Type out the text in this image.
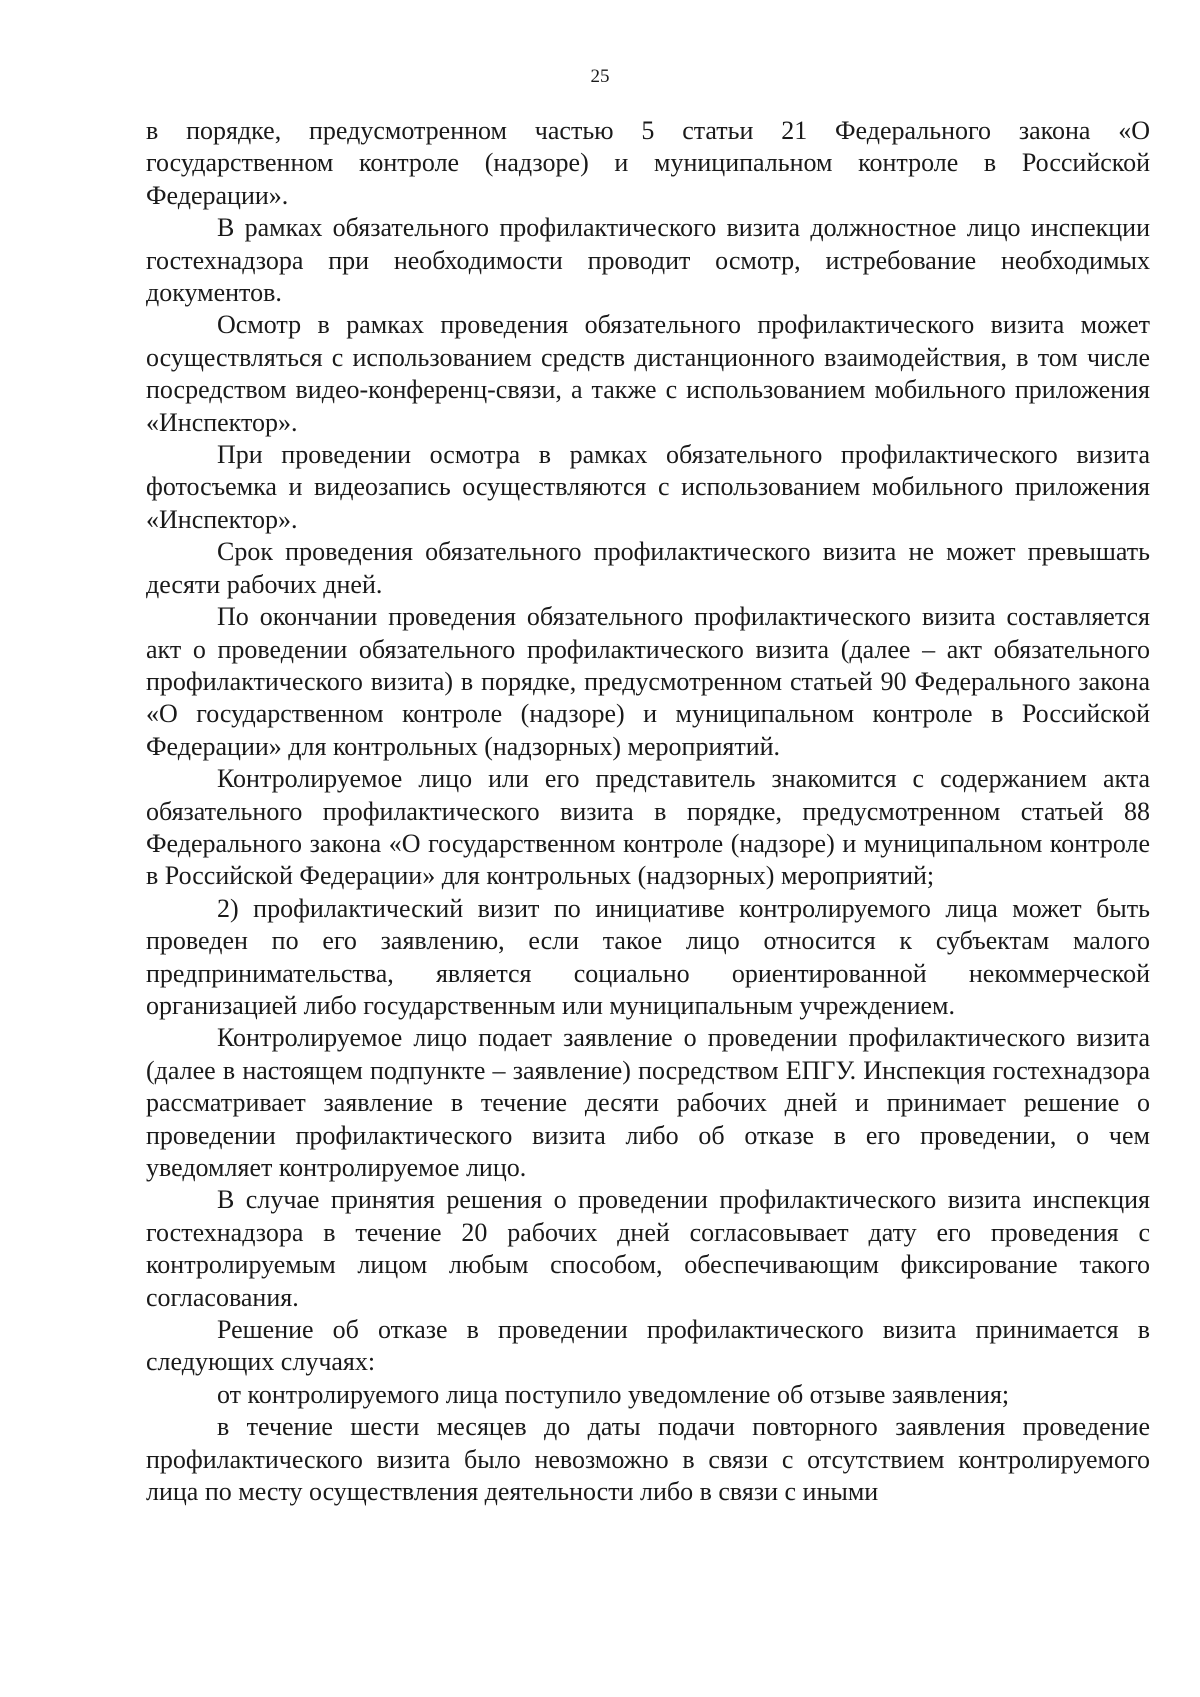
25

в порядке, предусмотренном частью 5 статьи 21 Федерального закона «О государственном контроле (надзоре) и муниципальном контроле в Российской Федерации».

В рамках обязательного профилактического визита должностное лицо инспекции гостехнадзора при необходимости проводит осмотр, истребование необходимых документов.

Осмотр в рамках проведения обязательного профилактического визита может осуществляться с использованием средств дистанционного взаимодействия, в том числе посредством видео-конференц-связи, а также с использованием мобильного приложения «Инспектор».

При проведении осмотра в рамках обязательного профилактического визита фотосъемка и видеозапись осуществляются с использованием мобильного приложения «Инспектор».

Срок проведения обязательного профилактического визита не может превышать десяти рабочих дней.

По окончании проведения обязательного профилактического визита составляется акт о проведении обязательного профилактического визита (далее – акт обязательного профилактического визита) в порядке, предусмотренном статьей 90 Федерального закона «О государственном контроле (надзоре) и муниципальном контроле в Российской Федерации» для контрольных (надзорных) мероприятий.

Контролируемое лицо или его представитель знакомится с содержанием акта обязательного профилактического визита в порядке, предусмотренном статьей 88 Федерального закона «О государственном контроле (надзоре) и муниципальном контроле в Российской Федерации» для контрольных (надзорных) мероприятий;

2) профилактический визит по инициативе контролируемого лица может быть проведен по его заявлению, если такое лицо относится к субъектам малого предпринимательства, является социально ориентированной некоммерческой организацией либо государственным или муниципальным учреждением.

Контролируемое лицо подает заявление о проведении профилактического визита (далее в настоящем подпункте – заявление) посредством ЕПГУ. Инспекция гостехнадзора рассматривает заявление в течение десяти рабочих дней и принимает решение о проведении профилактического визита либо об отказе в его проведении, о чем уведомляет контролируемое лицо.

В случае принятия решения о проведении профилактического визита инспекция гостехнадзора в течение 20 рабочих дней согласовывает дату его проведения с контролируемым лицом любым способом, обеспечивающим фиксирование такого согласования.

Решение об отказе в проведении профилактического визита принимается в следующих случаях:

от контролируемого лица поступило уведомление об отзыве заявления;

в течение шести месяцев до даты подачи повторного заявления проведение профилактического визита было невозможно в связи с отсутствием контролируемого лица по месту осуществления деятельности либо в связи с иными
